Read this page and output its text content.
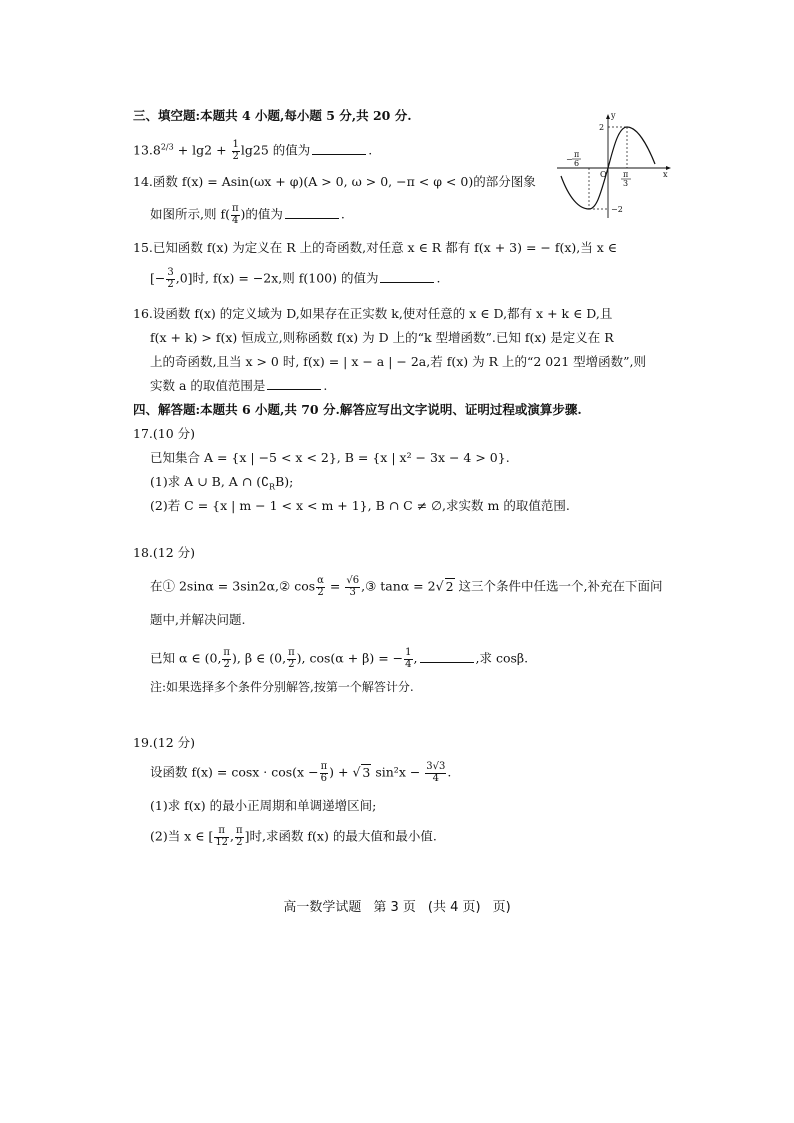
三、填空题:本题共 4 小题,每小题 5 分,共 20 分.
$13.8^{2/3} + \lg 2 + \frac{1}{2} \lg 25$ 的值为	.
14.函数 f(x) = Asin(ωx + φ)(A > 0, ω > 0, −π < φ < 0)的部分图象
如图所示,则 $f( \frac{\pi}{4}$ )的值为	.
y
x
O
2
−2
−
π
6
π
3
15.已知函数 f(x) 为定义在 R 上的奇函数,对任意 x ∈ R 都有 f(x + 3) = − f(x),当 x ∈
[− $\frac{3}{2} ,0$]时, f(x) = −2x,则 f(100) 的值为	.
16.设函数 f(x) 的定义域为 D,如果存在正实数 k,使对任意的 x ∈ D,都有 x + k ∈ D,且
f(x + k) > f(x) 恒成立,则称函数 f(x) 为 D 上的“k 型增函数”.已知 f(x) 是定义在 R
上的奇函数,且当 x > 0 时, f(x) = | x − a | − 2a,若 f(x) 为 R 上的“2 021 型增函数”,则
实数 a 的取值范围是	.
四、解答题:本题共 6 小题,共 70 分.解答应写出文字说明、证明过程或演算步骤.
17.(10 分)
已知集合 A = {x | −5 < x < 2}, B = {x | x² − 3x − 4 > 0}.
(1)求 A ∪ B, A ∩ $(∁_RB)$;
(2)若 C = {x | m − 1 < x < m + 1}, B ∩ C ≠ ∅,求实数 m 的取值范围.
18.(12 分)
在① 2sinα = 3sin2α,② $\cos \frac{\alpha}{2} = \frac{√6}{3}$ ,③ tanα = 2√ 2 这三个条件中任选一个,补充在下面问
题中,并解决问题.
已知 α ∈ (0, $\frac{\pi}{2}$ ), β ∈ (0, $\frac{\pi}{2}$ ), cos(α + β) = − $\frac{1}{4}$ ,	,求 cosβ.
注:如果选择多个条件分别解答,按第一个解答计分.
19.(12 分)
设函数 $f(x) = \cos x \cdot \cos(x - \frac{\pi}{6}$ ) + √ 3 $\sin^2x - \frac{3√3}{4}$ .
(1)求 f(x) 的最小正周期和单调递增区间;
(2)当 x ∈ [ $\frac{\pi}{12}$ , $\frac{\pi}{2}$ ]时,求函数 f(x) 的最大值和最小值.
高一数学试题 第 3 页 (共 4 页) 页)
